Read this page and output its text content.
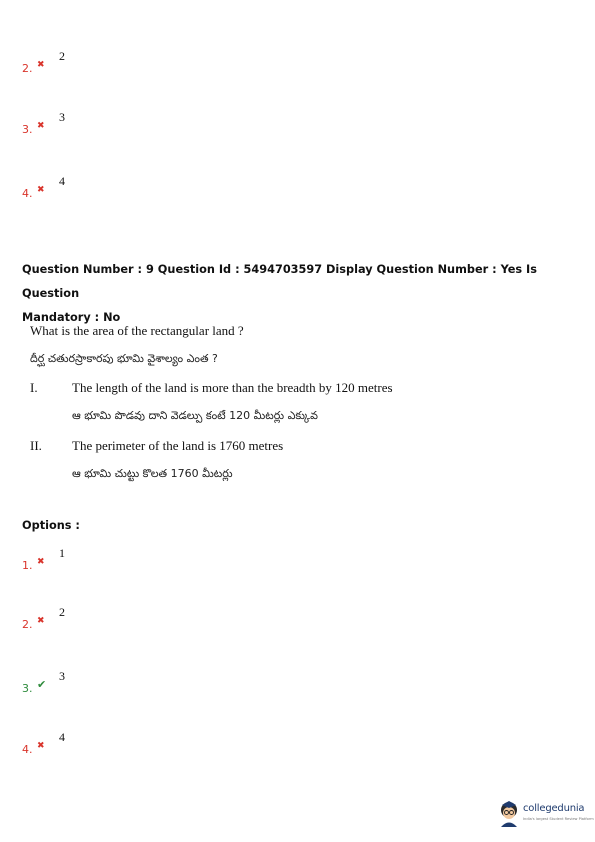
2. ✖
2
3. ✖
3
4. ✖
4
Question Number : 9 Question Id : 5494703597 Display Question Number : Yes Is Question
Mandatory : No
What is the area of the rectangular land ?
దీర్ఘ చతురస్రాకారపు భూమి వైశాల్యం ఎంత ?
I.	The length of the land is more than the breadth by 120 metres
ఆ భూమి పొడవు దాని వెడల్పు కంటే 120 మీటర్లు ఎక్కువ
II. The perimeter of the land is 1760 metres
ఆ భూమి చుట్టు కొలత 1760 మీటర్లు
Options :
1. ✖
1
2. ✖
2
3. ✔
3
4. ✖
4
collegedunia
India's largest Student Review Platform
